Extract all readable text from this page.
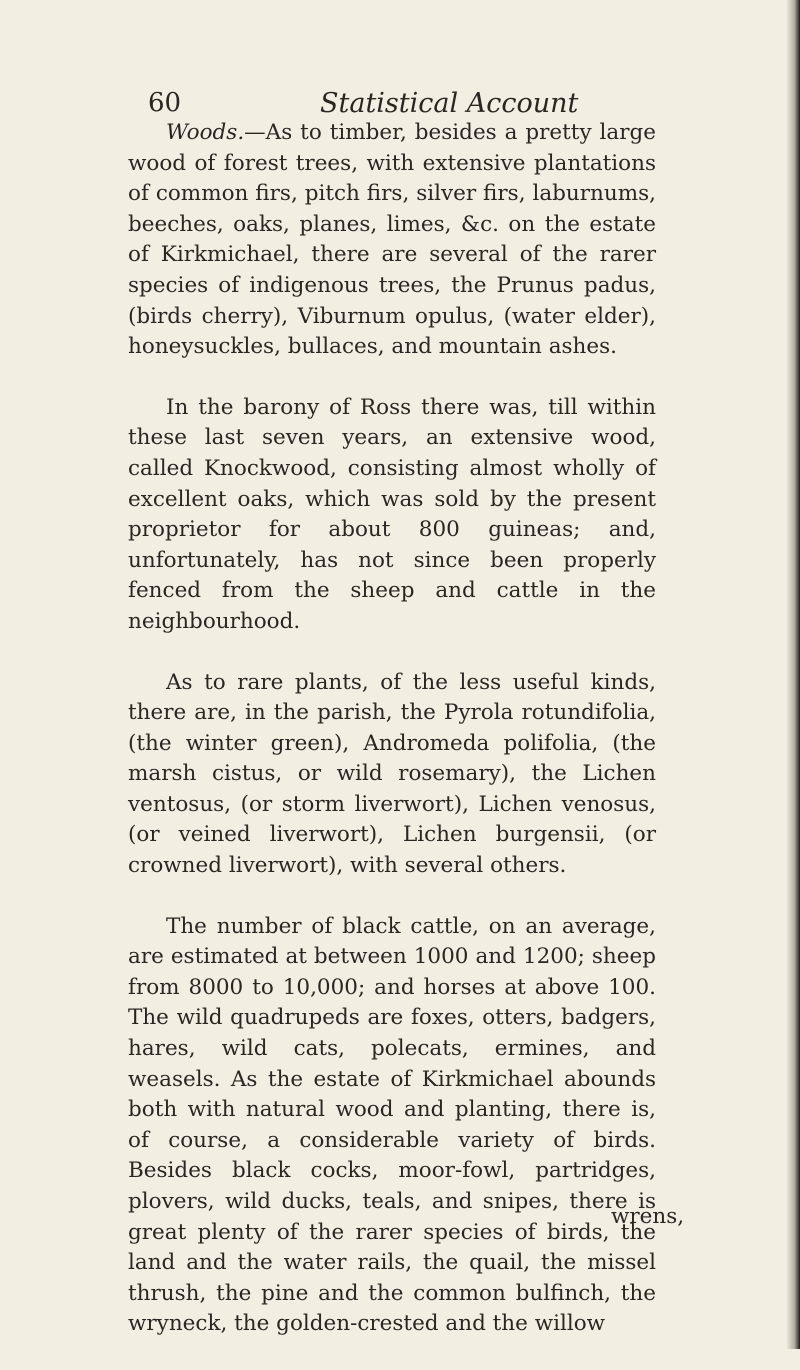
60	Statistical Account

Woods.—As to timber, besides a pretty large wood of forest trees, with extensive plantations of common firs, pitch firs, silver firs, laburnums, beeches, oaks, planes, limes, &c. on the estate of Kirkmichael, there are several of the rarer species of indigenous trees, the Prunus padus, (birds cherry), Viburnum opulus, (water elder), honeysuckles, bullaces, and mountain ashes.

In the barony of Ross there was, till within these last seven years, an extensive wood, called Knockwood, consisting almost wholly of excellent oaks, which was sold by the present proprietor for about 800 guineas; and, unfortunately, has not since been properly fenced from the sheep and cattle in the neighbourhood.

As to rare plants, of the less useful kinds, there are, in the parish, the Pyrola rotundifolia, (the winter green), Andromeda polifolia, (the marsh cistus, or wild rosemary), the Lichen ventosus, (or storm liverwort), Lichen venosus, (or veined liverwort), Lichen burgensii, (or crowned liverwort), with several others.

The number of black cattle, on an average, are estimated at between 1000 and 1200; sheep from 8000 to 10,000; and horses at above 100. The wild quadrupeds are foxes, otters, badgers, hares, wild cats, polecats, ermines, and weasels. As the estate of Kirkmichael abounds both with natural wood and planting, there is, of course, a considerable variety of birds. Besides black cocks, moor-fowl, partridges, plovers, wild ducks, teals, and snipes, there is great plenty of the rarer species of birds, the land and the water rails, the quail, the missel thrush, the pine and the common bulfinch, the wryneck, the golden-crested and the willow

wrens,
